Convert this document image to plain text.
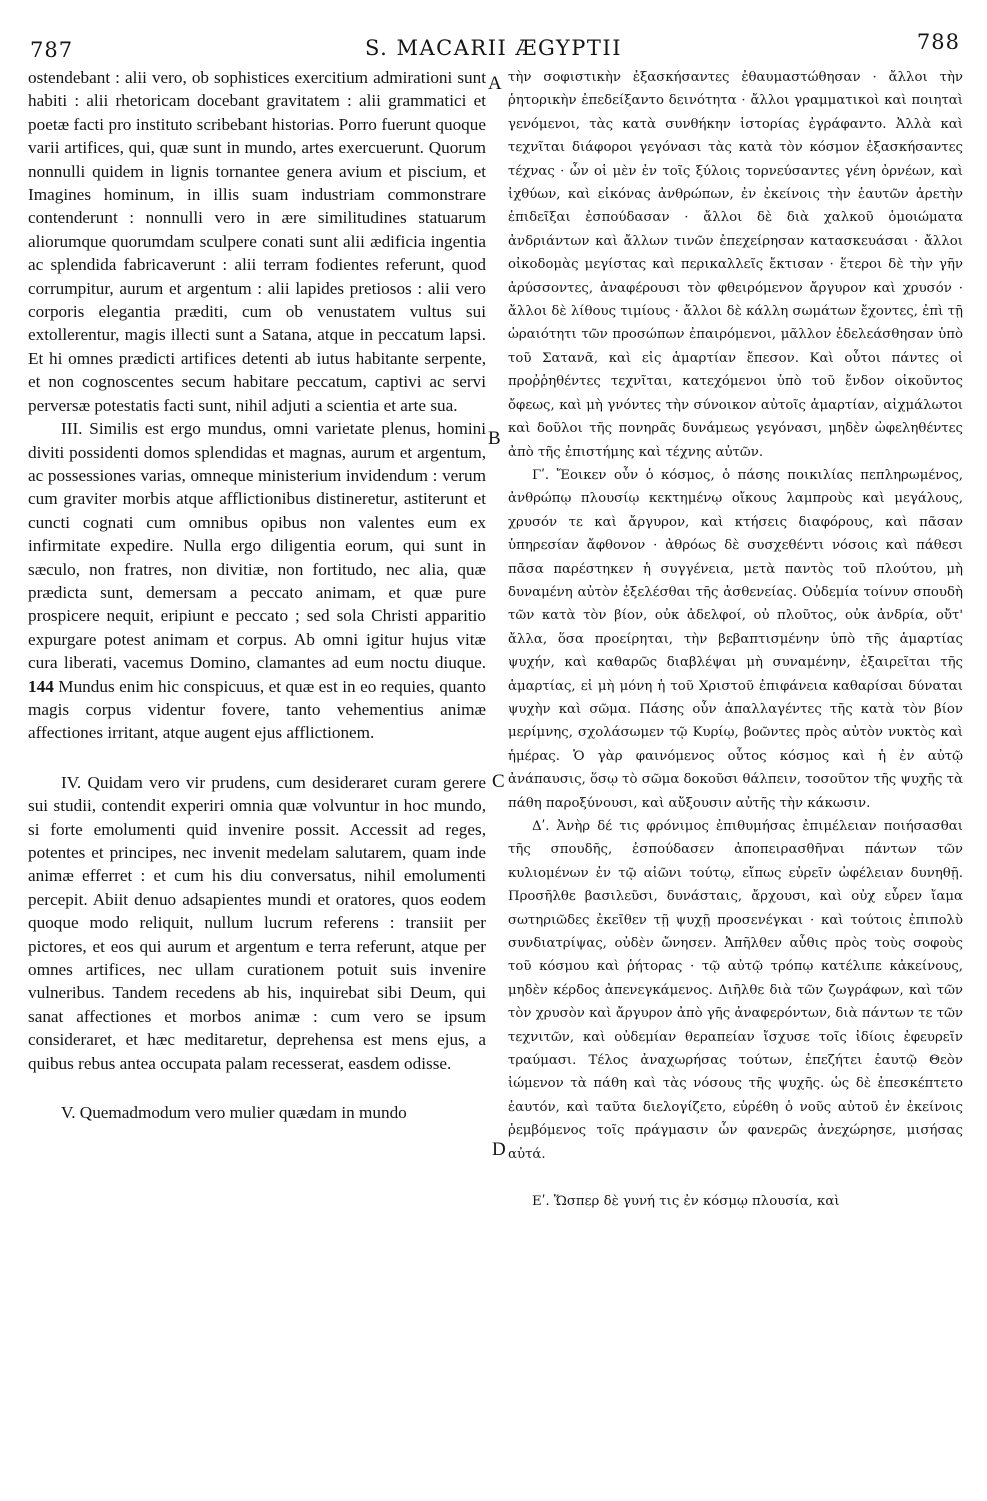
787	S. MACARII ÆGYPTII	788

ostendebant : alii vero, ob sophistices exercitium admirationi sunt habiti : alii rhetoricam docebant gravitatem : alii grammatici et poetæ facti pro instituto scribebant historias. Porro fuerunt quoque varii artifices, qui, quæ sunt in mundo, artes exercuerunt. Quorum nonnulli quidem in lignis tornantee genera avium et piscium, et Imagines hominum, in illis suam industriam commonstrare contenderunt : nonnulli vero in ære similitudines statuarum aliorumque quorumdam sculpere conati sunt alii ædificia ingentia ac splendida fabricaverunt : alii terram fodientes referunt, quod corrumpitur, aurum et argentum : alii lapides pretiosos : alii vero corporis elegantia præditi, cum ob venustatem vultus sui extollerentur, magis illecti sunt a Satana, atque in peccatum lapsi. Et hi omnes prædicti artifices detenti ab iutus habitante serpente, et non cognoscentes secum habitare peccatum, captivi ac servi perversæ potestatis facti sunt, nihil adjuti a scientia et arte sua.

III. Similis est ergo mundus, omni varietate plenus, homini diviti possidenti domos splendidas et magnas, aurum et argentum, ac possessiones varias, omneque ministerium invidendum : verum cum graviter morbis atque afflictionibus distineretur, astiterunt et cuncti cognati cum omnibus opibus non valentes eum ex infirmitate expedire. Nulla ergo diligentia eorum, qui sunt in sæculo, non fratres, non divitiæ, non fortitudo, nec alia, quæ prædicta sunt, demersam a peccato animam, et quæ pure prospicere nequit, eripiunt e peccato ; sed sola Christi apparitio expurgare potest animam et corpus. Ab omni igitur hujus vitæ cura liberati, vacemus Domino, clamantes ad eum noctu diuque. 144 Mundus enim hic conspicuus, et quæ est in eo requies, quanto magis corpus videntur fovere, tanto vehementius animæ affectiones irritant, atque augent ejus afflictionem.

IV. Quidam vero vir prudens, cum desideraret curam gerere sui studii, contendit experiri omnia quæ volvuntur in hoc mundo, si forte emolumenti quid invenire possit. Accessit ad reges, potentes et principes, nec invenit medelam salutarem, quam inde animæ efferret : et cum his diu conversatus, nihil emolumenti percepit. Abiit denuo adsapientes mundi et oratores, quos eodem quoque modo reliquit, nullum lucrum referens : transiit per pictores, et eos qui aurum et argentum e terra referunt, atque per omnes artifices, nec ullam curationem potuit suis invenire vulneribus. Tandem recedens ab his, inquirebat sibi Deum, qui sanat affectiones et morbos animæ : cum vero se ipsum consideraret, et hæc meditaretur, deprehensa est mens ejus, a quibus rebus antea occupata palam recesserat, easdem odisse.

V. Quemadmodum vero mulier quædam in mundo

A
B
C
D

τὴν σοφιστικὴν ἐξασκήσαντες ἐθαυμαστώθησαν · ἄλλοι τὴν ῥητορικὴν ἐπεδείξαντο δεινότητα · ἄλλοι γραμματικοὶ καὶ ποιηταὶ γενόμενοι, τὰς κατὰ συνθήκην ἱστορίας ἐγράφαντο. Ἀλλὰ καὶ τεχνῖται διάφοροι γεγόνασι τὰς κατὰ τὸν κόσμον ἐξασκήσαντες τέχνας · ὧν οἱ μὲν ἐν τοῖς ξύλοις τορνεύσαντες γένη ὀρνέων, καὶ ἰχθύων, καὶ εἰκόνας ἀνθρώπων, ἐν ἐκείνοις τὴν ἑαυτῶν ἀρετὴν ἐπιδεῖξαι ἐσπούδασαν · ἄλλοι δὲ διὰ χαλκοῦ ὁμοιώματα ἀνδριάντων καὶ ἄλλων τινῶν ἐπεχείρησαν κατασκευάσαι · ἄλλοι οἰκοδομὰς μεγίστας καὶ περικαλλεῖς ἔκτισαν · ἕτεροι δὲ τὴν γῆν ἀρύσσοντες, ἀναφέρουσι τὸν φθειρόμενον ἄργυρον καὶ χρυσόν · ἄλλοι δὲ λίθους τιμίους · ἄλλοι δὲ κάλλη σωμάτων ἔχοντες, ἐπὶ τῇ ὡραιότητι τῶν προσώπων ἐπαιρόμενοι, μᾶλλον ἐδελεάσθησαν ὑπὸ τοῦ Σατανᾶ, καὶ εἰς ἁμαρτίαν ἔπεσον. Καὶ οὗτοι πάντες οἱ προῤῥηθέντες τεχνῖται, κατεχόμενοι ὑπὸ τοῦ ἔνδον οἰκοῦντος ὄφεως, καὶ μὴ γνόντες τὴν σύνοικον αὐτοῖς ἁμαρτίαν, αἰχμάλωτοι καὶ δοῦλοι τῆς πονηρᾶς δυνάμεως γεγόνασι, μηδὲν ὠφεληθέντες ἀπὸ τῆς ἐπιστήμης καὶ τέχνης αὐτῶν.

Γʹ. Ἔοικεν οὖν ὁ κόσμος, ὁ πάσης ποικιλίας πεπληρωμένος, ἀνθρώπῳ πλουσίῳ κεκτημένῳ οἴκους λαμπροὺς καὶ μεγάλους, χρυσόν τε καὶ ἄργυρον, καὶ κτήσεις διαφόρους, καὶ πᾶσαν ὑπηρεσίαν ἄφθονον · ἀθρόως δὲ συσχεθέντι νόσοις καὶ πάθεσι πᾶσα παρέστηκεν ἡ συγγένεια, μετὰ παντὸς τοῦ πλούτου, μὴ δυναμένη αὐτὸν ἐξελέσθαι τῆς ἀσθενείας. Οὐδεμία τοίνυν σπουδὴ τῶν κατὰ τὸν βίον, οὐκ ἀδελφοί, οὐ πλοῦτος, οὐκ ἀνδρία, οὔτ' ἄλλα, ὅσα προείρηται, τὴν βεβαπτισμένην ὑπὸ τῆς ἁμαρτίας ψυχήν, καὶ καθαρῶς διαβλέψαι μὴ συναμένην, ἐξαιρεῖται τῆς ἁμαρτίας, εἰ μὴ μόνη ἡ τοῦ Χριστοῦ ἐπιφάνεια καθαρίσαι δύναται ψυχὴν καὶ σῶμα. Πάσης οὖν ἀπαλλαγέντες τῆς κατὰ τὸν βίον μερίμνης, σχολάσωμεν τῷ Κυρίῳ, βοῶντες πρὸς αὐτὸν νυκτὸς καὶ ἡμέρας. Ὁ γὰρ φαινόμενος οὗτος κόσμος καὶ ἡ ἐν αὐτῷ ἀνάπαυσις, ὅσῳ τὸ σῶμα δοκοῦσι θάλπειν, τοσοῦτον τῆς ψυχῆς τὰ πάθη παροξύνουσι, καὶ αὔξουσιν αὐτῆς τὴν κάκωσιν.

Δʹ. Ἀνὴρ δέ τις φρόνιμος ἐπιθυμήσας ἐπιμέλειαν ποιήσασθαι τῆς σπουδῆς, ἐσπούδασεν ἀποπειρασθῆναι πάντων τῶν κυλιομένων ἐν τῷ αἰῶνι τούτῳ, εἴπως εὑρεῖν ὠφέλειαν δυνηθῇ. Προσῆλθε βασιλεῦσι, δυνάσταις, ἄρχουσι, καὶ οὐχ εὗρεν ἴαμα σωτηριῶδες ἐκεῖθεν τῇ ψυχῇ προσενέγκαι · καὶ τούτοις ἐπιπολὺ συνδιατρίψας, οὐδὲν ὤνησεν. Ἀπῆλθεν αὖθις πρὸς τοὺς σοφοὺς τοῦ κόσμου καὶ ῥήτορας · τῷ αὐτῷ τρόπῳ κατέλιπε κἀκείνους, μηδὲν κέρδος ἀπενεγκάμενος. Διῆλθε διὰ τῶν ζωγράφων, καὶ τῶν τὸν χρυσὸν καὶ ἄργυρον ἀπὸ γῆς ἀναφερόντων, διὰ πάντων τε τῶν τεχνιτῶν, καὶ οὐδεμίαν θεραπείαν ἴσχυσε τοῖς ἰδίοις ἐφευρεῖν τραύμασι. Τέλος ἀναχωρήσας τούτων, ἐπεζήτει ἑαυτῷ Θεὸν ἰώμενον τὰ πάθη καὶ τὰς νόσους τῆς ψυχῆς. ὡς δὲ ἐπεσκέπτετο ἑαυτόν, καὶ ταῦτα διελογίζετο, εὑρέθη ὁ νοῦς αὐτοῦ ἐν ἐκείνοις ῥεμβόμενος τοῖς πράγμασιν ὧν φανερῶς ἀνεχώρησε, μισήσας αὐτά.

Εʹ. Ὥσπερ δὲ γυνή τις ἐν κόσμῳ πλουσία, καὶ
